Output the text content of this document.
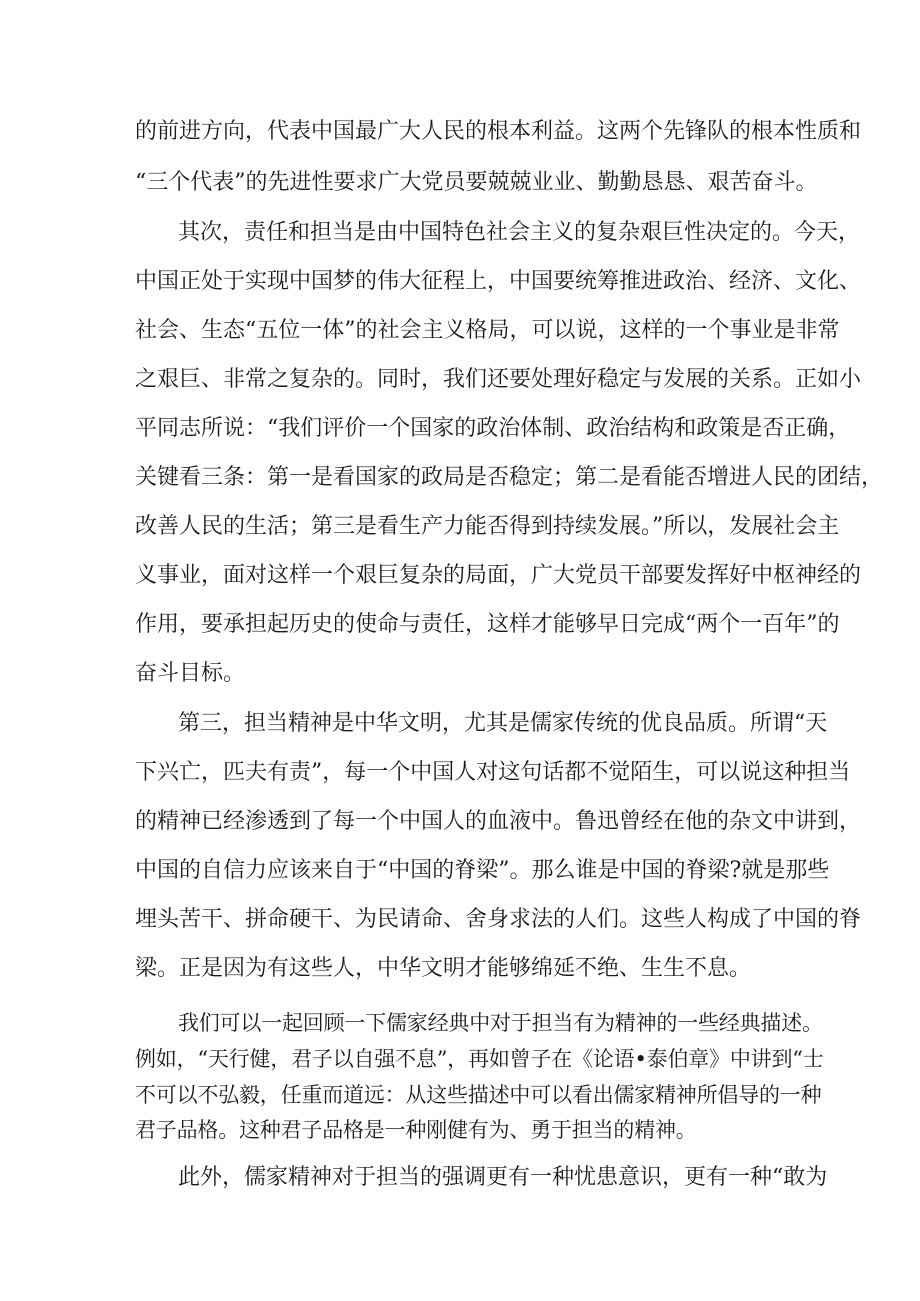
的前进方向，代表中国最广大人民的根本利益。这两个先锋队的根本性质和
“三个代表”的先进性要求广大党员要兢兢业业、勤勤恳恳、艰苦奋斗。
其次，责任和担当是由中国特色社会主义的复杂艰巨性决定的。今天，
中国正处于实现中国梦的伟大征程上，中国要统筹推进政治、经济、文化、
社会、生态“五位一体”的社会主义格局，可以说，这样的一个事业是非常
之艰巨、非常之复杂的。同时，我们还要处理好稳定与发展的关系。正如小
平同志所说：“我们评价一个国家的政治体制、政治结构和政策是否正确，
关键看三条：第一是看国家的政局是否稳定；第二是看能否增进人民的团结，
改善人民的生活；第三是看生产力能否得到持续发展。”所以，发展社会主
义事业，面对这样一个艰巨复杂的局面，广大党员干部要发挥好中枢神经的
作用，要承担起历史的使命与责任，这样才能够早日完成“两个一百年”的
奋斗目标。
第三，担当精神是中华文明，尤其是儒家传统的优良品质。所谓“天
下兴亡，匹夫有责”，每一个中国人对这句话都不觉陌生，可以说这种担当
的精神已经渗透到了每一个中国人的血液中。鲁迅曾经在他的杂文中讲到，
中国的自信力应该来自于“中国的脊梁”。那么谁是中国的脊梁?就是那些
埋头苦干、拼命硬干、为民请命、舍身求法的人们。这些人构成了中国的脊
梁。正是因为有这些人，中华文明才能够绵延不绝、生生不息。
我们可以一起回顾一下儒家经典中对于担当有为精神的一些经典描述。
例如，“天行健，君子以自强不息”，再如曾子在《论语•泰伯章》中讲到“士
不可以不弘毅，任重而道远：从这些描述中可以看出儒家精神所倡导的一种
君子品格。这种君子品格是一种刚健有为、勇于担当的精神。
此外，儒家精神对于担当的强调更有一种忧患意识，更有一种“敢为
